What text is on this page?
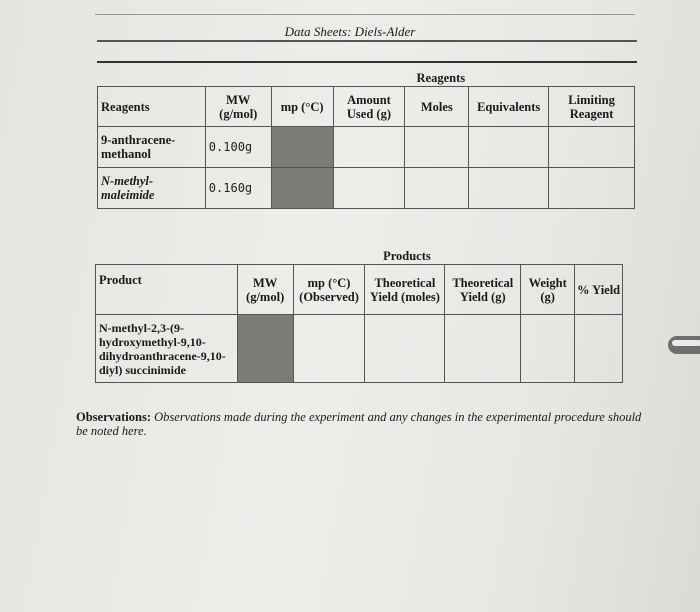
Data Sheets: Diels-Alder
			Reagents			
Reagents	MW (g/mol)	mp (°C)	Amount Used (g)	Moles	Equivalents	Limiting Reagent
9-anthracene-methanol	0.100g					
N-methyl-maleimide	0.160g					
		Products				
Product	MW (g/mol)	mp (°C) (Observed)	Theoretical Yield (moles)	Theoretical Yield (g)	Weight (g)	% Yield
N-methyl-2,3-(9-hydroxymethyl-9,10-dihydroanthracene-9,10-diyl) succinimide						
Observations: Observations made during the experiment and any changes in the experimental procedure should be noted here.
